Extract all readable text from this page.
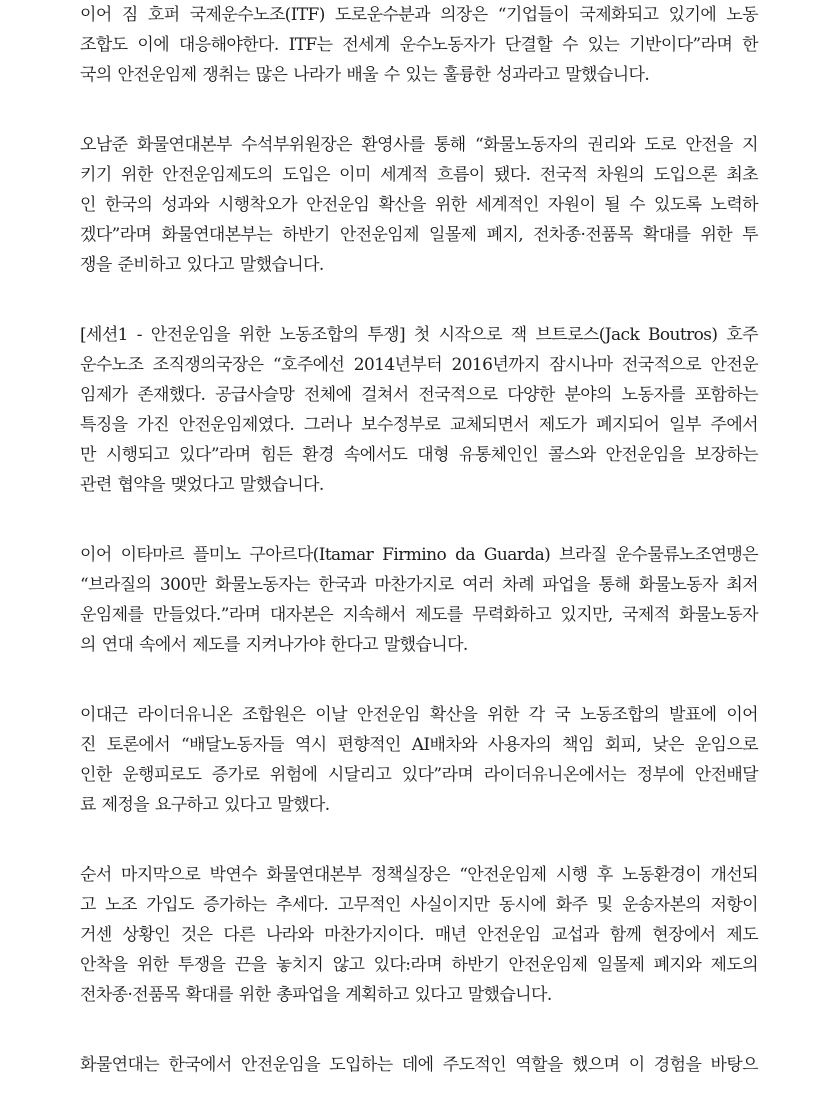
이어 짐 호퍼 국제운수노조(ITF) 도로운수분과 의장은 “기업들이 국제화되고 있기에 노동
조합도 이에 대응해야한다. ITF는 전세계 운수노동자가 단결할 수 있는 기반이다”라며 한
국의 안전운임제 쟁취는 많은 나라가 배울 수 있는 훌륭한 성과라고 말했습니다.
오남준 화물연대본부 수석부위원장은 환영사를 통해 “화물노동자의 권리와 도로 안전을 지
키기 위한 안전운임제도의 도입은 이미 세계적 흐름이 됐다. 전국적 차원의 도입으론 최초
인 한국의 성과와 시행착오가 안전운임 확산을 위한 세계적인 자원이 될 수 있도록 노력하
겠다”라며 화물연대본부는 하반기 안전운임제 일몰제 폐지, 전차종·전품목 확대를 위한 투
쟁을 준비하고 있다고 말했습니다.
[세션1 - 안전운임을 위한 노동조합의 투쟁] 첫 시작으로 잭 브트로스(Jack Boutros) 호주
운수노조 조직쟁의국장은 “호주에선 2014년부터 2016년까지 잠시나마 전국적으로 안전운
임제가 존재했다. 공급사슬망 전체에 걸쳐서 전국적으로 다양한 분야의 노동자를 포함하는
특징을 가진 안전운임제였다. 그러나 보수정부로 교체되면서 제도가 폐지되어 일부 주에서
만 시행되고 있다”라며 힘든 환경 속에서도 대형 유통체인인 콜스와 안전운임을 보장하는
관련 협약을 맺었다고 말했습니다.
이어 이타마르 플미노 구아르다(Itamar Firmino da Guarda) 브라질 운수물류노조연맹은
“브라질의 300만 화물노동자는 한국과 마찬가지로 여러 차례 파업을 통해 화물노동자 최저
운임제를 만들었다.”라며 대자본은 지속해서 제도를 무력화하고 있지만, 국제적 화물노동자
의 연대 속에서 제도를 지켜나가야 한다고 말했습니다.
이대근 라이더유니온 조합원은 이날 안전운임 확산을 위한 각 국 노동조합의 발표에 이어
진 토론에서 “배달노동자들 역시 편향적인 AI배차와 사용자의 책임 회피, 낮은 운임으로
인한 운행피로도 증가로 위험에 시달리고 있다”라며 라이더유니온에서는 정부에 안전배달
료 제정을 요구하고 있다고 말했다.
순서 마지막으로 박연수 화물연대본부 정책실장은 “안전운임제 시행 후 노동환경이 개선되
고 노조 가입도 증가하는 추세다. 고무적인 사실이지만 동시에 화주 및 운송자본의 저항이
거센 상황인 것은 다른 나라와 마찬가지이다. 매년 안전운임 교섭과 함께 현장에서 제도
안착을 위한 투쟁을 끈을 놓치지 않고 있다:라며 하반기 안전운임제 일몰제 폐지와 제도의
전차종·전품목 확대를 위한 총파업을 계획하고 있다고 말했습니다.
화물연대는 한국에서 안전운임을 도입하는 데에 주도적인 역할을 했으며 이 경험을 바탕으
